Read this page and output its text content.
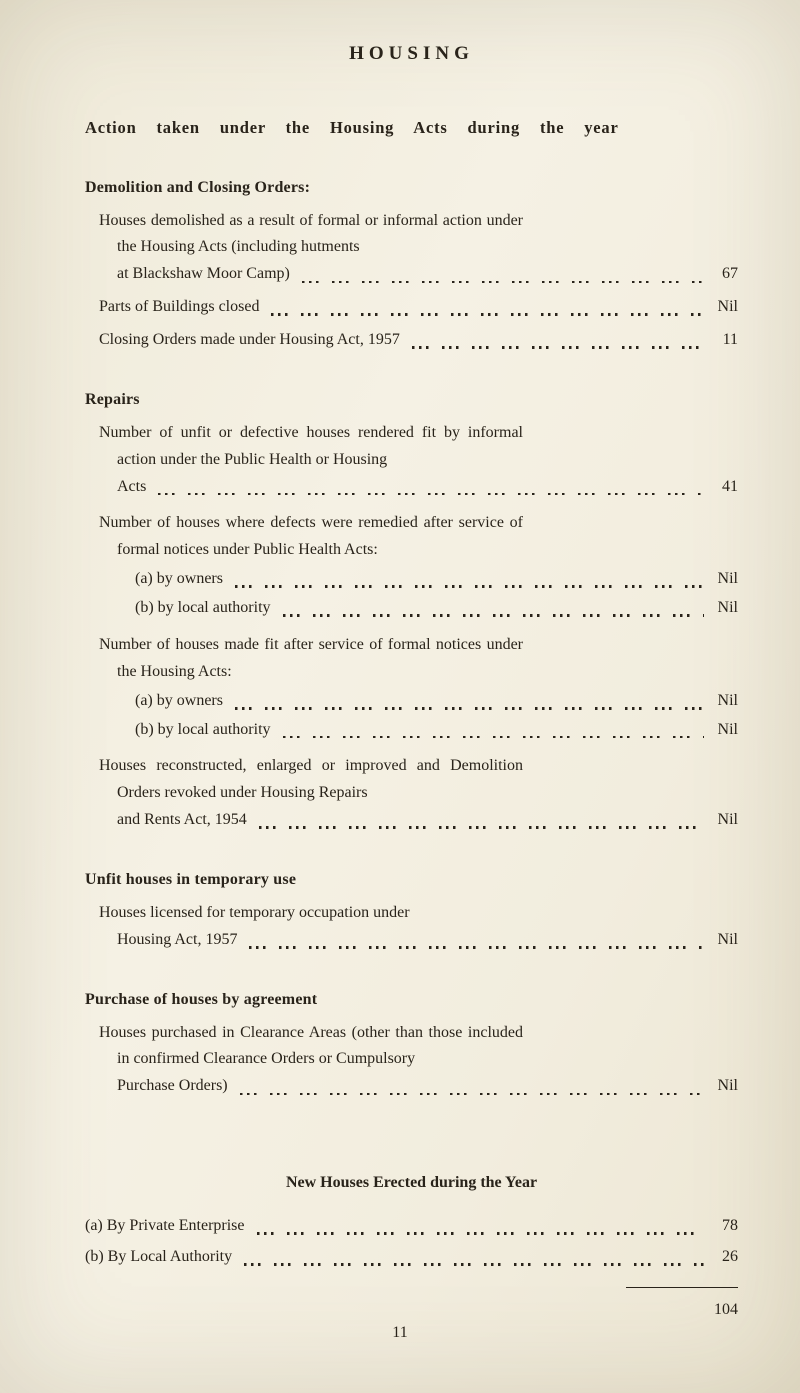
HOUSING
Action taken under the Housing Acts during the year
Demolition and Closing Orders:
Houses demolished as a result of formal or informal action under the Housing Acts (including hutments
at Blackshaw Moor Camp)	67
Parts of Buildings closed	Nil
Closing Orders made under Housing Act, 1957	11
Repairs
Number of unfit or defective houses rendered fit by informal action under the Public Health or Housing
Acts	41
Number of houses where defects were remedied after service of formal notices under Public Health Acts:
(a) by owners	Nil
(b) by local authority	Nil
Number of houses made fit after service of formal notices under the Housing Acts:
(a) by owners	Nil
(b) by local authority	Nil
Houses reconstructed, enlarged or improved and Demolition Orders revoked under Housing Repairs
and Rents Act, 1954	Nil
Unfit houses in temporary use
Houses licensed for temporary occupation under
Housing Act, 1957	Nil
Purchase of houses by agreement
Houses purchased in Clearance Areas (other than those included in confirmed Clearance Orders or Cumpulsory
Purchase Orders)	Nil
New Houses Erected during the Year
(a) By Private Enterprise	78
(b) By Local Authority	26
104
11
